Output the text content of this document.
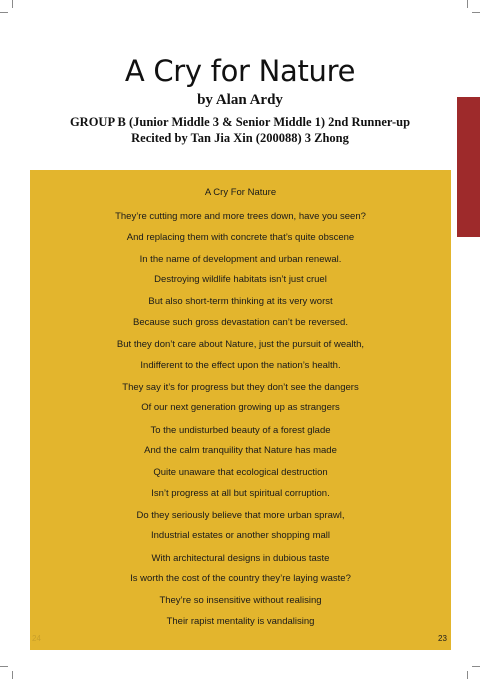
A Cry for Nature
by Alan Ardy
GROUP B (Junior Middle 3 & Senior Middle 1) 2nd Runner-up
Recited by Tan Jia Xin (200088) 3 Zhong
A Cry For Nature
They’re cutting more and more trees down, have you seen?
And replacing them with concrete that’s quite obscene
In the name of development and urban renewal.
Destroying wildlife habitats isn’t just cruel
But also short-term thinking at its very worst
Because such gross devastation can’t be reversed.
But they don’t care about Nature, just the pursuit of wealth,
Indifferent to the effect upon the nation’s health.
They say it’s for progress but they don’t see the dangers
Of our next generation growing up as strangers
To the undisturbed beauty of a forest glade
And the calm tranquility that Nature has made
Quite unaware that ecological destruction
Isn’t progress at all but spiritual corruption.
Do they seriously believe that more urban sprawl,
Industrial estates or another shopping mall
With architectural designs in dubious taste
Is worth the cost of the country they’re laying waste?
They’re so insensitive without realising
Their rapist mentality is vandalising
24	23
